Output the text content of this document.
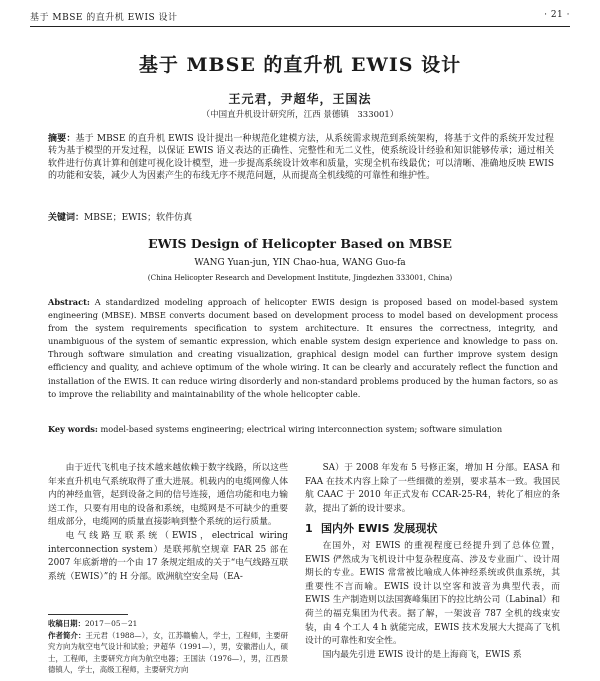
基于 MBSE 的直升机 EWIS 设计	· 21 ·
基于 MBSE 的直升机 EWIS 设计
王元君，尹超华，王国法
（中国直升机设计研究所，江西 景德镇　333001）
摘要：基于 MBSE 的直升机 EWIS 设计提出一种规范化建模方法，从系统需求规范到系统架构，将基于文件的系统开发过程转为基于模型的开发过程，以保证 EWIS 语义表达的正确性、完整性和无二义性，使系统设计经验和知识能够传承；通过相关软件进行仿真计算和创建可视化设计模型，进一步提高系统设计效率和质量，实现全机布线最优；可以清晰、准确地反映 EWIS 的功能和安装，减少人为因素产生的布线无序不规范问题，从而提高全机线缆的可靠性和维护性。
关键词：MBSE；EWIS；软件仿真
EWIS Design of Helicopter Based on MBSE
WANG Yuan-jun, YIN Chao-hua, WANG Guo-fa
(China Helicopter Research and Development Institute, Jingdezhen 333001, China)
Abstract: A standardized modeling approach of helicopter EWIS design is proposed based on model-based system engineering (MBSE). MBSE converts document based on development process to model based on development process from the system requirements specification to system architecture. It ensures the correctness, integrity, and unambiguous of the system of semantic expression, which enable system design experience and knowledge to pass on. Through software simulation and creating visualization, graphical design model can further improve system design efficiency and quality, and achieve optimum of the whole wiring. It can be clearly and accurately reflect the function and installation of the EWIS. It can reduce wiring disorderly and non-standard problems produced by the human factors, so as to improve the reliability and maintainability of the whole helicopter cable.
Key words: model-based systems engineering; electrical wiring interconnection system; software simulation

由于近代飞机电子技术越来越依赖于数字线路，所以这些年来直升机电气系统取得了重大进展。机载内的电缆网像人体内的神经血管，起到设备之间的信号连接，通信功能和电力输送工作，只要有用电的设备和系统，电缆网是不可缺少的重要组成部分，电缆网的质量直接影响到整个系统的运行质量。

电气线路互联系统（EWIS，electrical wiring interconnection system）是联邦航空规章 FAR 25 部在 2007 年底新增的一个由 17 条规定组成的关于“电气线路互联系统（EWIS）”的 H 分部。欧洲航空安全局（EA-

SA）于 2008 年发布 5 号修正案，增加 H 分部。EASA 和 FAA 在技术内容上除了一些细微的差别，要求基本一致。我国民航 CAAC 于 2010 年正式发布 CCAR-25-R4，转化了相应的条款，提出了新的设计要求。

1 国内外 EWIS 发展现状

在国外，对 EWIS 的重视程度已经提升到了总体位置，EWIS 俨然成为飞机设计中复杂程度高、涉及专业面广、设计周期长的专业。EWIS 常常被比喻成人体神经系统或供血系统，其重要性不言而喻。EWIS 设计以空客和波音为典型代表，而 EWIS 生产制造则以法国赛峰集团下的拉比纳公司（Labinal）和荷兰的福克集团为代表。据了解，一架波音 787 全机的线束安装，由 4 个工人 4 h 就能完成，EWIS 技术发展大大提高了飞机设计的可靠性和安全性。

国内最先引进 EWIS 设计的是上海商飞，EWIS 系

收稿日期：2017－05－21
作者简介：王元君（1988—），女，江苏赣榆人，学士，工程师，主要研究方向为航空电气设计和试验；尹超华（1991—），男，安徽潜山人，硕士，工程师，主要研究方向为航空电器；王国法（1976—），男，江西景德镇人，学士，高级工程师，主要研究方向
